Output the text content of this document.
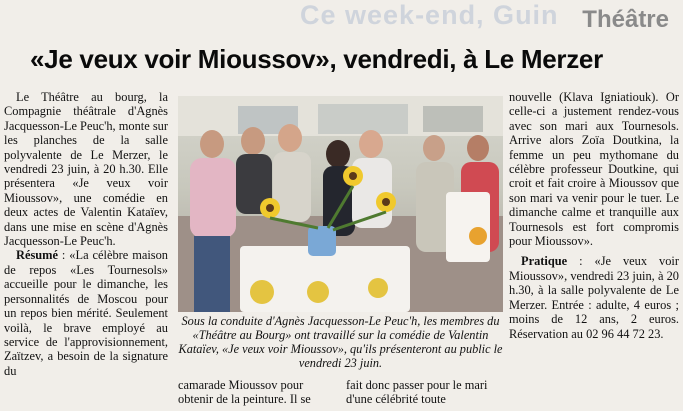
Ce week-end, Guin Théâtre
«Je veux voir Mioussov», vendredi, à Le Merzer

Le Théâtre au bourg, la Compagnie théâtrale d'Agnès Jacquesson-Le Peuc'h, monte sur les planches de la salle polyvalente de Le Merzer, le vendredi 23 juin, à 20 h.30. Elle présentera «Je veux voir Mioussov», une comédie en deux actes de Valentin Kataïev, dans une mise en scène d'Agnès Jacquesson-Le Peuc'h.

Résumé : «La célèbre maison de repos «Les Tournesols» accueille pour le dimanche, les personnalités de Moscou pour un repos bien mérité. Seulement voilà, le brave employé au service de l'approvisionnement, Zaïtzev, a besoin de la signature du

Sous la conduite d'Agnès Jacquesson-Le Peuc'h, les membres du «Théâtre au Bourg» ont travaillé sur la comédie de Valentin Kataïev, «Je veux voir Mioussov», qu'ils présenteront au public le vendredi 23 juin.

camarade Mioussov pour obtenir de la peinture. Il se

fait donc passer pour le mari d'une célébrité toute

nouvelle (Klava Igniatiouk). Or celle-ci a justement rendez-vous avec son mari aux Tournesols. Arrive alors Zoïa Doutkina, la femme un peu mythomane du célèbre professeur Doutkine, qui croit et fait croire à Mioussov que son mari va venir pour le tuer. Le dimanche calme et tranquille aux Tournesols est fort compromis pour Mioussov».

Pratique : «Je veux voir Mioussov», vendredi 23 juin, à 20 h.30, à la salle polyvalente de Le Merzer. Entrée : adulte, 4 euros ; moins de 12 ans, 2 euros. Réservation au 02 96 44 72 23.
